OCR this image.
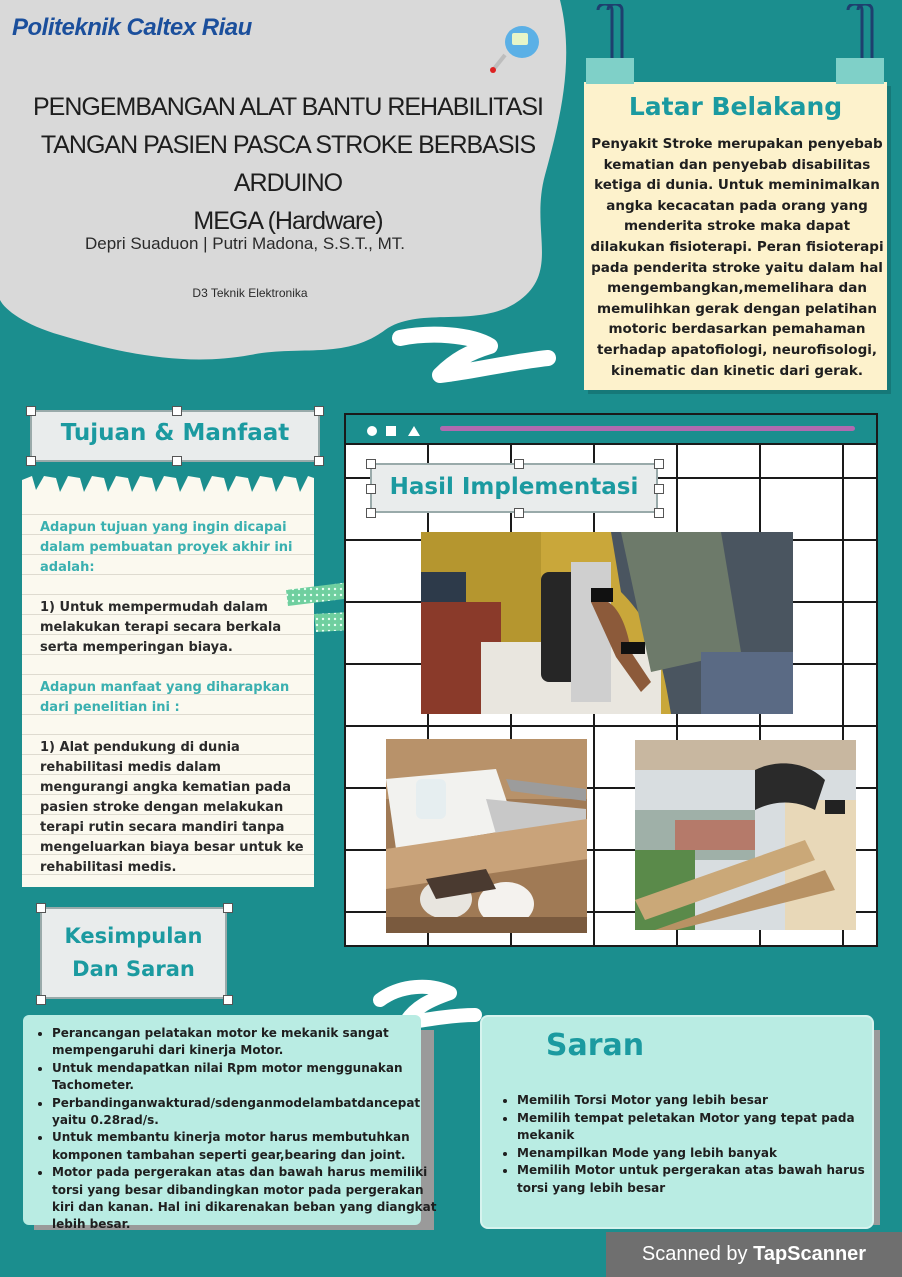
Politeknik Caltex Riau
PENGEMBANGAN ALAT BANTU REHABILITASI
TANGAN PASIEN PASCA STROKE BERBASIS ARDUINO
MEGA (Hardware)
Depri Suaduon | Putri Madona, S.S.T., MT.
D3 Teknik Elektronika
Latar Belakang
Penyakit Stroke merupakan penyebab kematian dan penyebab disabilitas ketiga di dunia. Untuk meminimalkan angka kecacatan pada orang yang menderita stroke maka dapat dilakukan fisioterapi. Peran fisioterapi pada penderita stroke yaitu dalam hal mengembangkan,memelihara dan memulihkan gerak dengan pelatihan motoric berdasarkan pemahaman terhadap apatofiologi, neurofisologi, kinematic dan kinetic dari gerak.
Tujuan & Manfaat
Adapun tujuan yang ingin dicapai dalam pembuatan proyek akhir ini adalah:
1) Untuk mempermudah dalam melakukan terapi secara berkala serta memperingan biaya.
Adapun manfaat yang diharapkan dari penelitian ini :
1) Alat pendukung di dunia rehabilitasi medis dalam mengurangi angka kematian pada pasien stroke dengan melakukan terapi rutin secara mandiri tanpa mengeluarkan biaya besar untuk ke rehabilitasi medis.
Hasil Implementasi
Kesimpulan
Dan Saran
• Perancangan pelatakan motor ke mekanik sangat mempengaruhi dari kinerja Motor.
• Untuk mendapatkan nilai Rpm motor menggunakan Tachometer.
• Perbandinganwakturad/sdenganmodelambatdancepat yaitu 0.28rad/s.
• Untuk membantu kinerja motor harus membutuhkan komponen tambahan seperti gear,bearing dan joint.
• Motor pada pergerakan atas dan bawah harus memiliki torsi yang besar dibandingkan motor pada pergerakan kiri dan kanan. Hal ini dikarenakan beban yang diangkat lebih besar.
Saran
• Memilih Torsi Motor yang lebih besar
• Memilih tempat peletakan Motor yang tepat pada mekanik
• Menampilkan Mode yang lebih banyak
• Memilih Motor untuk pergerakan atas bawah harus torsi yang lebih besar
Scanned by TapScanner
